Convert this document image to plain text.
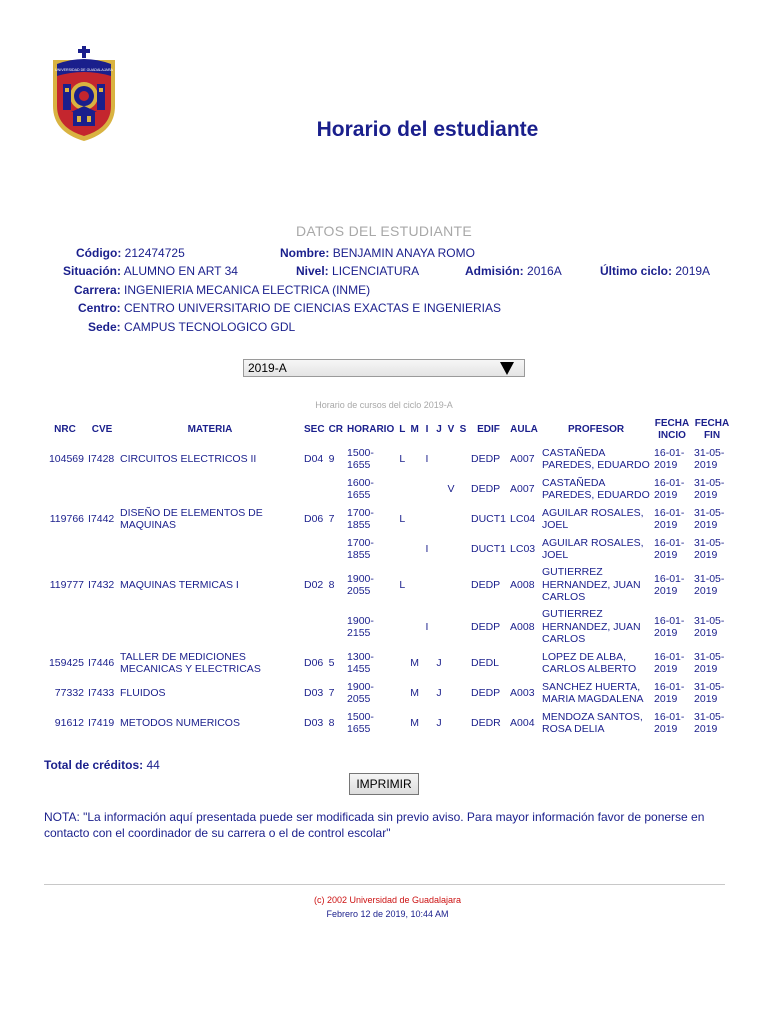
UNIVERSIDAD DE GUADALAJARA
Horario del estudiante
DATOS DEL ESTUDIANTE
Código: 212474725	Nombre: BENJAMIN ANAYA ROMO
Situación: ALUMNO EN ART 34	Nivel: LICENCIATURA	Admisión: 2016A	Último ciclo: 2019A
Carrera: INGENIERIA MECANICA ELECTRICA (INME)
Centro: CENTRO UNIVERSITARIO DE CIENCIAS EXACTAS E INGENIERIAS
Sede: CAMPUS TECNOLOGICO GDL
2019-A
Horario de cursos del ciclo 2019-A
NRC	CVE	MATERIA	SEC	CR	HORARIO	L	M	I	J	V	S	EDIF	AULA	PROFESOR	FECHA INCIO	FECHA FIN
104569	I7428	CIRCUITOS ELECTRICOS II	D04	9	1500-1655	L		I				DEDP	A007	CASTAÑEDA PAREDES, EDUARDO	16-01-2019	31-05-2019
					1600-1655					V		DEDP	A007	CASTAÑEDA PAREDES, EDUARDO	16-01-2019	31-05-2019
119766	I7442	DISEÑO DE ELEMENTOS DE MAQUINAS	D06	7	1700-1855	L						DUCT1	LC04	AGUILAR ROSALES, JOEL	16-01-2019	31-05-2019
					1700-1855			I				DUCT1	LC03	AGUILAR ROSALES, JOEL	16-01-2019	31-05-2019
119777	I7432	MAQUINAS TERMICAS I	D02	8	1900-2055	L						DEDP	A008	GUTIERREZ HERNANDEZ, JUAN CARLOS	16-01-2019	31-05-2019
					1900-2155			I				DEDP	A008	GUTIERREZ HERNANDEZ, JUAN CARLOS	16-01-2019	31-05-2019
159425	I7446	TALLER DE MEDICIONES MECANICAS Y ELECTRICAS	D06	5	1300-1455		M		J			DEDL		LOPEZ DE ALBA, CARLOS ALBERTO	16-01-2019	31-05-2019
77332	I7433	FLUIDOS	D03	7	1900-2055		M		J			DEDP	A003	SANCHEZ HUERTA, MARIA MAGDALENA	16-01-2019	31-05-2019
91612	I7419	METODOS NUMERICOS	D03	8	1500-1655		M		J			DEDR	A004	MENDOZA SANTOS, ROSA DELIA	16-01-2019	31-05-2019
Total de créditos: 44
IMPRIMIR
NOTA: "La información aquí presentada puede ser modificada sin previo aviso. Para mayor información favor de ponerse en contacto con el coordinador de su carrera o el de control escolar"
(c) 2002 Universidad de Guadalajara
Febrero 12 de 2019, 10:44 AM
